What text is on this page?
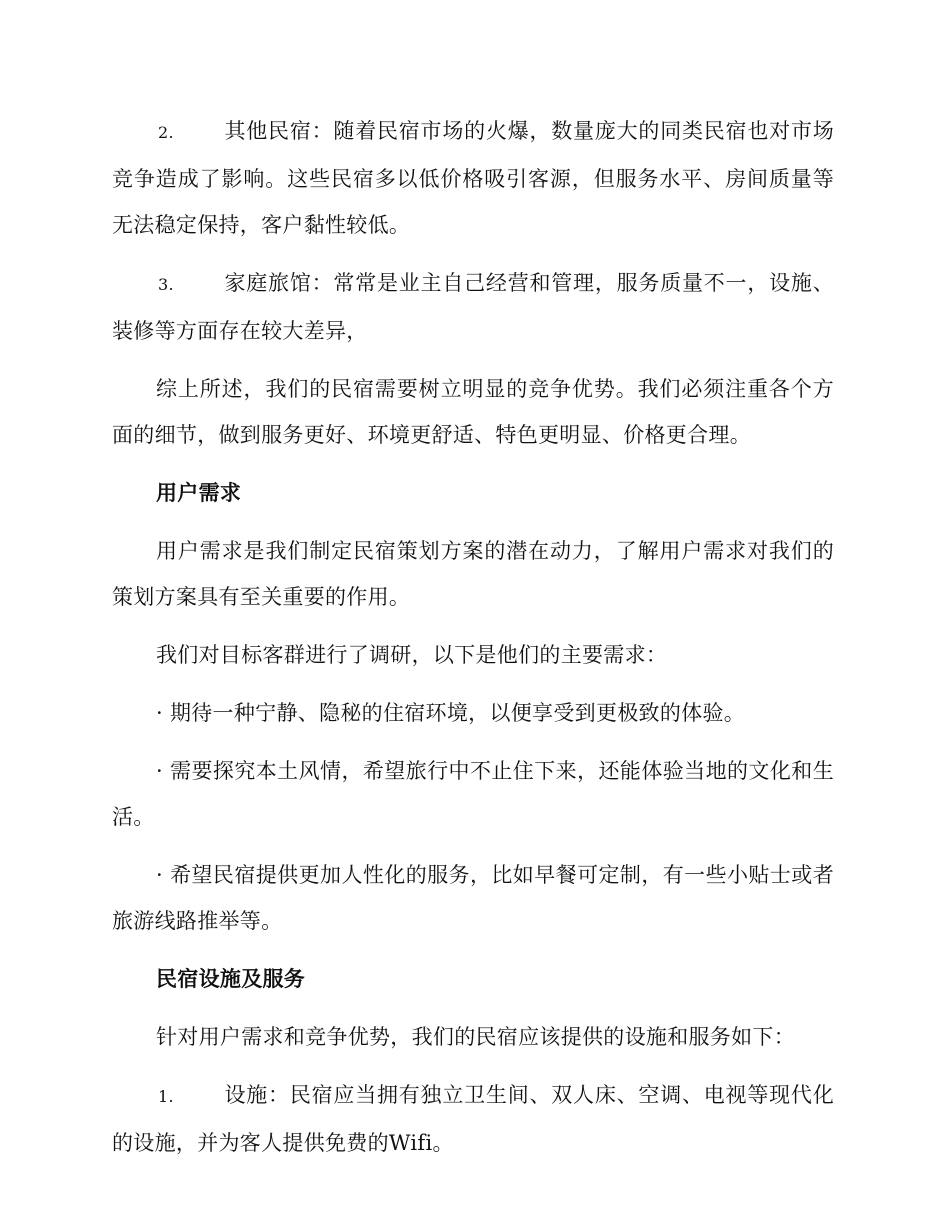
2. 其他民宿：随着民宿市场的火爆，数量庞大的同类民宿也对市场竞争造成了影响。这些民宿多以低价格吸引客源，但服务水平、房间质量等无法稳定保持，客户黏性较低。

3. 家庭旅馆：常常是业主自己经营和管理，服务质量不一，设施、装修等方面存在较大差异，

综上所述，我们的民宿需要树立明显的竞争优势。我们必须注重各个方面的细节，做到服务更好、环境更舒适、特色更明显、价格更合理。

用户需求

用户需求是我们制定民宿策划方案的潜在动力，了解用户需求对我们的策划方案具有至关重要的作用。

我们对目标客群进行了调研，以下是他们的主要需求：

· 期待一种宁静、隐秘的住宿环境，以便享受到更极致的体验。

· 需要探究本土风情，希望旅行中不止住下来，还能体验当地的文化和生活。

· 希望民宿提供更加人性化的服务，比如早餐可定制，有一些小贴士或者旅游线路推举等。

民宿设施及服务

针对用户需求和竞争优势，我们的民宿应该提供的设施和服务如下：

1. 设施：民宿应当拥有独立卫生间、双人床、空调、电视等现代化的设施，并为客人提供免费的Wifi。
